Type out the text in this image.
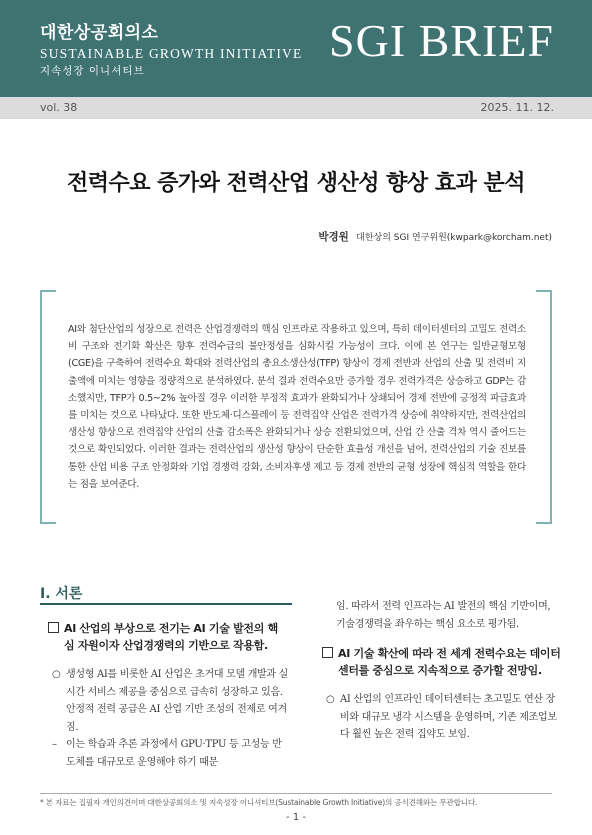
대한상공회의소
SUSTAINABLE GROWTH INITIATIVE
지속성장 이니셔티브
SGI BRIEF
vol. 38	2025. 11. 12.
전력수요 증가와 전력산업 생산성 향상 효과 분석
박경원 대한상의 SGI 연구위원(kwpark@korcham.net)
AI와 첨단산업의 성장으로 전력은 산업경쟁력의 핵심 인프라로 작용하고 있으며, 특히 데이터센터의 고밀도 전력소비 구조와 전기화 확산은 향후 전력수급의 불안정성을 심화시킬 가능성이 크다. 이에 본 연구는 일반균형모형(CGE)을 구축하여 전력수요 확대와 전력산업의 총요소생산성(TFP) 향상이 경제 전반과 산업의 산출 및 전력비 지출액에 미치는 영향을 정량적으로 분석하였다. 분석 결과 전력수요만 증가할 경우 전력가격은 상승하고 GDP는 감소했지만, TFP가 0.5~2% 높아질 경우 이러한 부정적 효과가 완화되거나 상쇄되어 경제 전반에 긍정적 파급효과를 미치는 것으로 나타났다. 또한 반도체·디스플레이 등 전력집약 산업은 전력가격 상승에 취약하지만, 전력산업의 생산성 향상으로 전력집약 산업의 산출 감소폭은 완화되거나 상승 전환되었으며, 산업 간 산출 격차 역시 줄어드는 것으로 확인되었다. 이러한 결과는 전력산업의 생산성 향상이 단순한 효율성 개선을 넘어, 전력산업의 기술 진보를 통한 산업 비용 구조 안정화와 기업 경쟁력 강화, 소비자후생 제고 등 경제 전반의 균형 성장에 핵심적 역할을 한다는 점을 보여준다.
Ⅰ. 서론
AI 산업의 부상으로 전기는 AI 기술 발전의 핵심 자원이자 산업경쟁력의 기반으로 작용함.
○ 생성형 AI를 비롯한 AI 산업은 초거대 모델 개발과 실시간 서비스 제공을 중심으로 급속히 성장하고 있음. 안정적 전력 공급은 AI 산업 기반 조성의 전제로 여겨짐.
– 이는 학습과 추론 과정에서 GPU·TPU 등 고성능 반도체를 대규모로 운영해야 하기 때문
임. 따라서 전력 인프라는 AI 발전의 핵심 기반이며, 기술경쟁력을 좌우하는 핵심 요소로 평가됨.
AI 기술 확산에 따라 전 세계 전력수요는 데이터센터를 중심으로 지속적으로 증가할 전망임.
○ AI 산업의 인프라인 데이터센터는 초고밀도 연산 장비와 대규모 냉각 시스템을 운영하며, 기존 제조업보다 훨씬 높은 전력 집약도 보임.
* 본 자료는 집필자 개인의견이며 대한상공회의소 및 지속성장 이니셔티브(Sustainable Growth Initiative)의 공식견해와는 무관합니다.
- 1 -
